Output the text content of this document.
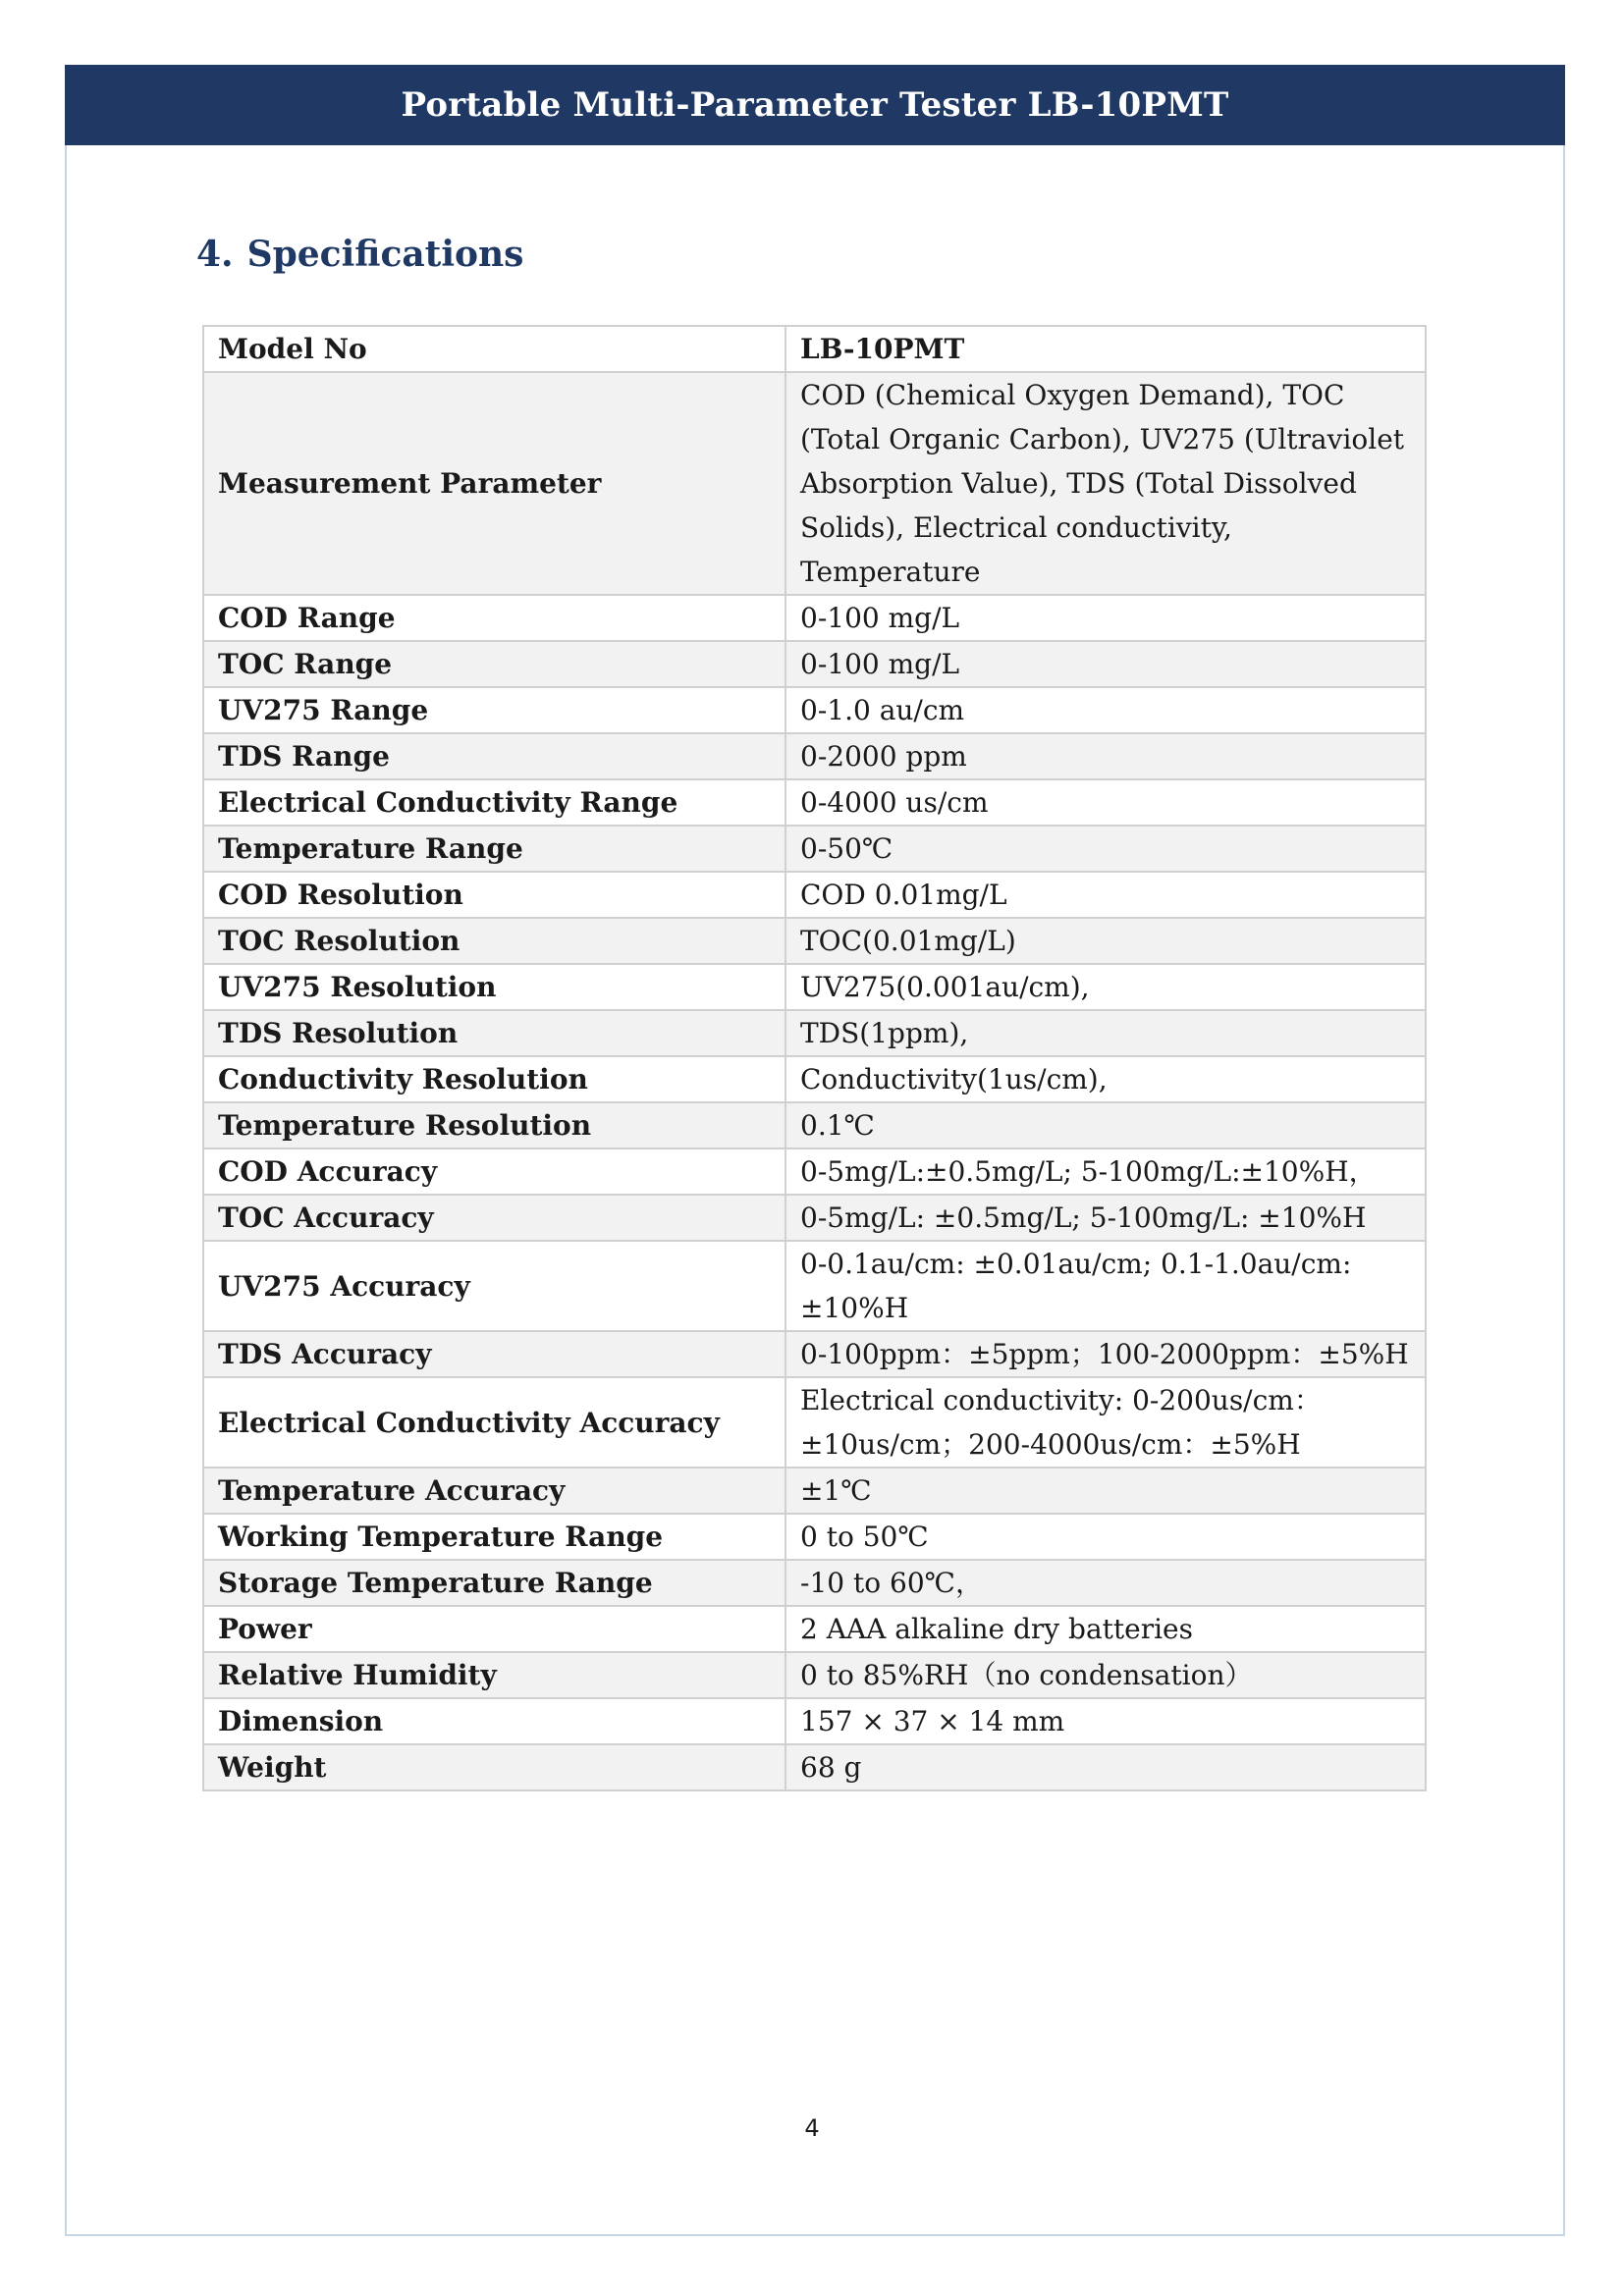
Portable Multi-Parameter Tester LB-10PMT
4. Specifications
Model No	LB-10PMT
Measurement Parameter	COD (Chemical Oxygen Demand), TOC (Total Organic Carbon), UV275 (Ultraviolet Absorption Value), TDS (Total Dissolved Solids), Electrical conductivity, Temperature
COD Range	0-100 mg/L
TOC Range	0-100 mg/L
UV275 Range	0-1.0 au/cm
TDS Range	0-2000 ppm
Electrical Conductivity Range	0-4000 us/cm
Temperature Range	0-50℃
COD Resolution	COD 0.01mg/L
TOC Resolution	TOC(0.01mg/L)
UV275 Resolution	UV275(0.001au/cm),
TDS Resolution	TDS(1ppm),
Conductivity Resolution	Conductivity(1us/cm),
Temperature Resolution	0.1℃
COD Accuracy	0-5mg/L:±0.5mg/L; 5-100mg/L:±10%H，
TOC Accuracy	0-5mg/L: ±0.5mg/L; 5-100mg/L: ±10%H
UV275 Accuracy	0-0.1au/cm: ±0.01au/cm; 0.1-1.0au/cm: ±10%H
TDS Accuracy	0-100ppm：±5ppm；100-2000ppm：±5%H
Electrical Conductivity Accuracy	Electrical conductivity: 0-200us/cm：±10us/cm；200-4000us/cm：±5%H
Temperature Accuracy	±1℃
Working Temperature Range	0 to 50℃
Storage Temperature Range	-10 to 60℃，
Power	2 AAA alkaline dry batteries
Relative Humidity	0 to 85%RH（no condensation）
Dimension	157 × 37 × 14 mm
Weight	68 g
4
